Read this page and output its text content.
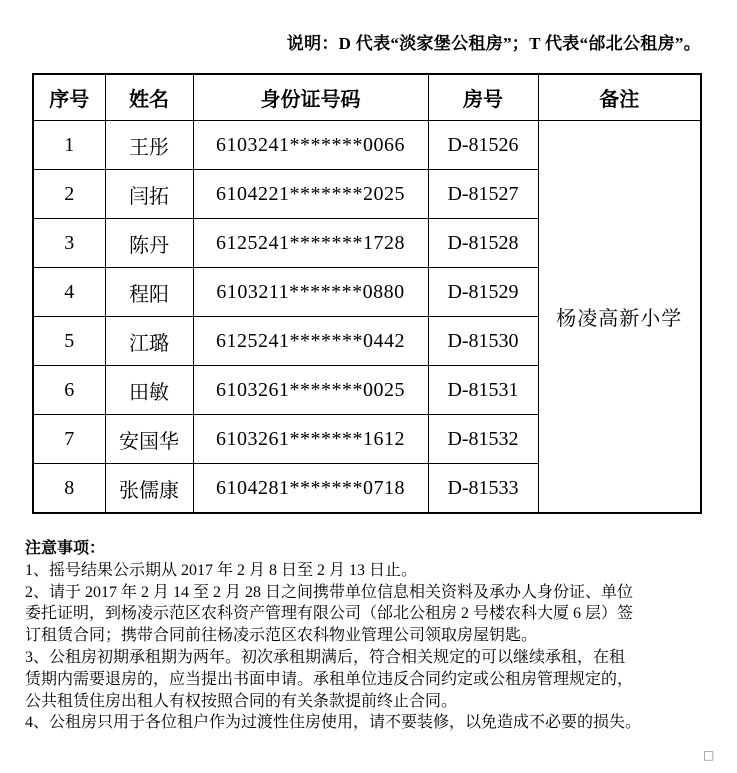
说明：D 代表“淡家堡公租房”；T 代表“邰北公租房”。
序号	姓名	身份证号码	房号	备注
1	王彤	6103241*******0066	D-81526	杨凌高新小学
2	闫拓	6104221*******2025	D-81527	
3	陈丹	6125241*******1728	D-81528	
4	程阳	6103211*******0880	D-81529	
5	江璐	6125241*******0442	D-81530	
6	田敏	6103261*******0025	D-81531	
7	安国华	6103261*******1612	D-81532	
8	张儒康	6104281*******0718	D-81533	
注意事项：
1、摇号结果公示期从 2017 年 2 月 8 日至 2 月 13 日止。
2、请于 2017 年 2 月 14 至 2 月 28 日之间携带单位信息相关资料及承办人身份证、单位
委托证明，到杨凌示范区农科资产管理有限公司（邰北公租房 2 号楼农科大厦 6 层）签
订租赁合同；携带合同前往杨凌示范区农科物业管理公司领取房屋钥匙。
3、公租房初期承租期为两年。初次承租期满后，符合相关规定的可以继续承租，在租
赁期内需要退房的，应当提出书面申请。承租单位违反合同约定或公租房管理规定的，
公共租赁住房出租人有权按照合同的有关条款提前终止合同。
4、公租房只用于各位租户作为过渡性住房使用，请不要装修，以免造成不必要的损失。
□
